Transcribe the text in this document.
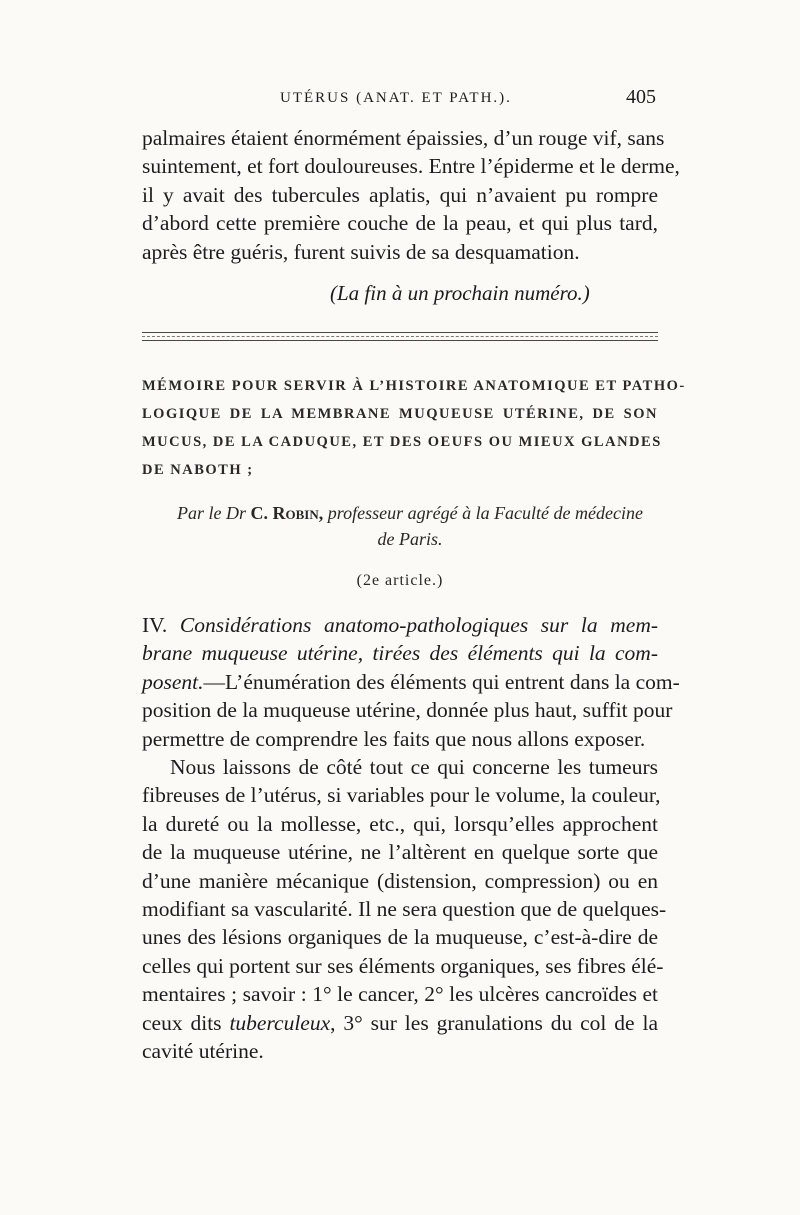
UTÉRUS (ANAT. ET PATH.).	405

palmaires étaient énormément épaissies, d’un rouge vif, sans
suintement, et fort douloureuses. Entre l’épiderme et le derme,
il y avait des tubercules aplatis, qui n’avaient pu rompre
d’abord cette première couche de la peau, et qui plus tard,
après être guéris, furent suivis de sa desquamation.

(La fin à un prochain numéro.)

MÉMOIRE POUR SERVIR À L’HISTOIRE ANATOMIQUE ET PATHO-
LOGIQUE DE LA MEMBRANE MUQUEUSE UTÉRINE, DE SON
MUCUS, DE LA CADUQUE, ET DES OEUFS OU MIEUX GLANDES
DE NABOTH ;

Par le Dr C. Robin, professeur agrégé à la Faculté de médecine
de Paris.

(2e article.)

IV. Considérations anatomo-pathologiques sur la mem-
brane muqueuse utérine, tirées des éléments qui la com-
posent.—L’énumération des éléments qui entrent dans la com-
position de la muqueuse utérine, donnée plus haut, suffit pour
permettre de comprendre les faits que nous allons exposer.

Nous laissons de côté tout ce qui concerne les tumeurs
fibreuses de l’utérus, si variables pour le volume, la couleur,
la dureté ou la mollesse, etc., qui, lorsqu’elles approchent
de la muqueuse utérine, ne l’altèrent en quelque sorte que
d’une manière mécanique (distension, compression) ou en
modifiant sa vascularité. Il ne sera question que de quelques-
unes des lésions organiques de la muqueuse, c’est-à-dire de
celles qui portent sur ses éléments organiques, ses fibres élé-
mentaires ; savoir : 1° le cancer, 2° les ulcères cancroïdes et
ceux dits tuberculeux, 3° sur les granulations du col de la
cavité utérine.
